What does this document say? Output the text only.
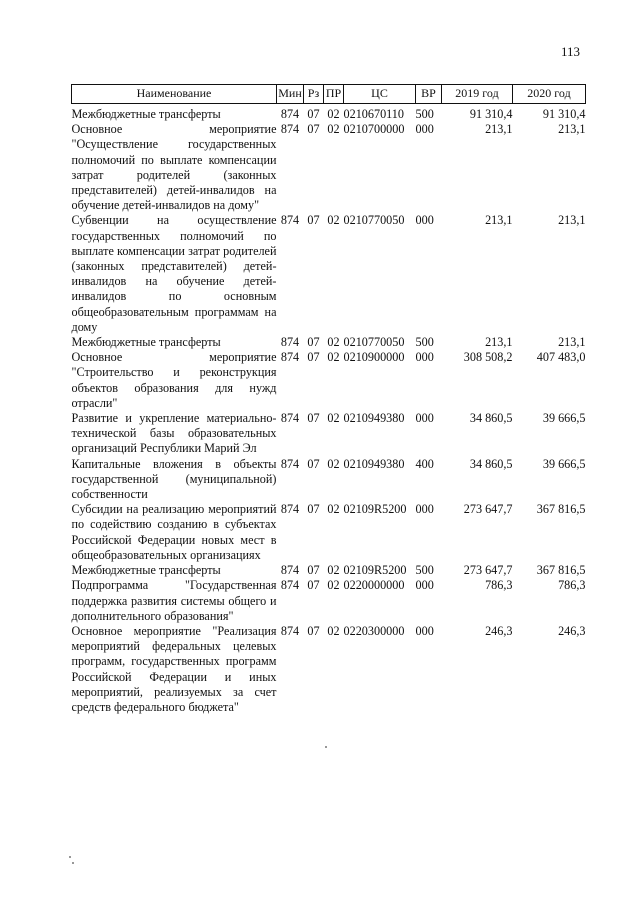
113
Наименование	Мин	Рз	ПР	ЦС	ВР	2019 год	2020 год

Межбюджетные трансферты	874	07	02	0210670110	500	91 310,4	91 310,4
Основное мероприятие "Осуществление государственных полномочий по выплате компенсации затрат родителей (законных представителей) детей-инвалидов на обучение детей-инвалидов на дому"	874	07	02	0210700000	000	213,1	213,1
Субвенции на осуществление государственных полномочий по выплате компенсации затрат родителей (законных представителей) детей-инвалидов на обучение детей-инвалидов по основным общеобразовательным программам на дому	874	07	02	0210770050	000	213,1	213,1
Межбюджетные трансферты	874	07	02	0210770050	500	213,1	213,1
Основное мероприятие "Строительство и реконструкция объектов образования для нужд отрасли"	874	07	02	0210900000	000	308 508,2	407 483,0
Развитие и укрепление материально-технической базы образовательных организаций Республики Марий Эл	874	07	02	0210949380	000	34 860,5	39 666,5
Капитальные вложения в объекты государственной (муниципальной) собственности	874	07	02	0210949380	400	34 860,5	39 666,5
Субсидии на реализацию мероприятий по содействию созданию в субъектах Российской Федерации новых мест в общеобразовательных организациях	874	07	02	02109R5200	000	273 647,7	367 816,5
Межбюджетные трансферты	874	07	02	02109R5200	500	273 647,7	367 816,5
Подпрограмма "Государственная поддержка развития системы общего и дополнительного образования"	874	07	02	0220000000	000	786,3	786,3
Основное мероприятие "Реализация мероприятий федеральных целевых программ, государственных программ Российской Федерации и иных мероприятий, реализуемых за счет средств федерального бюджета"	874	07	02	0220300000	000	246,3	246,3
